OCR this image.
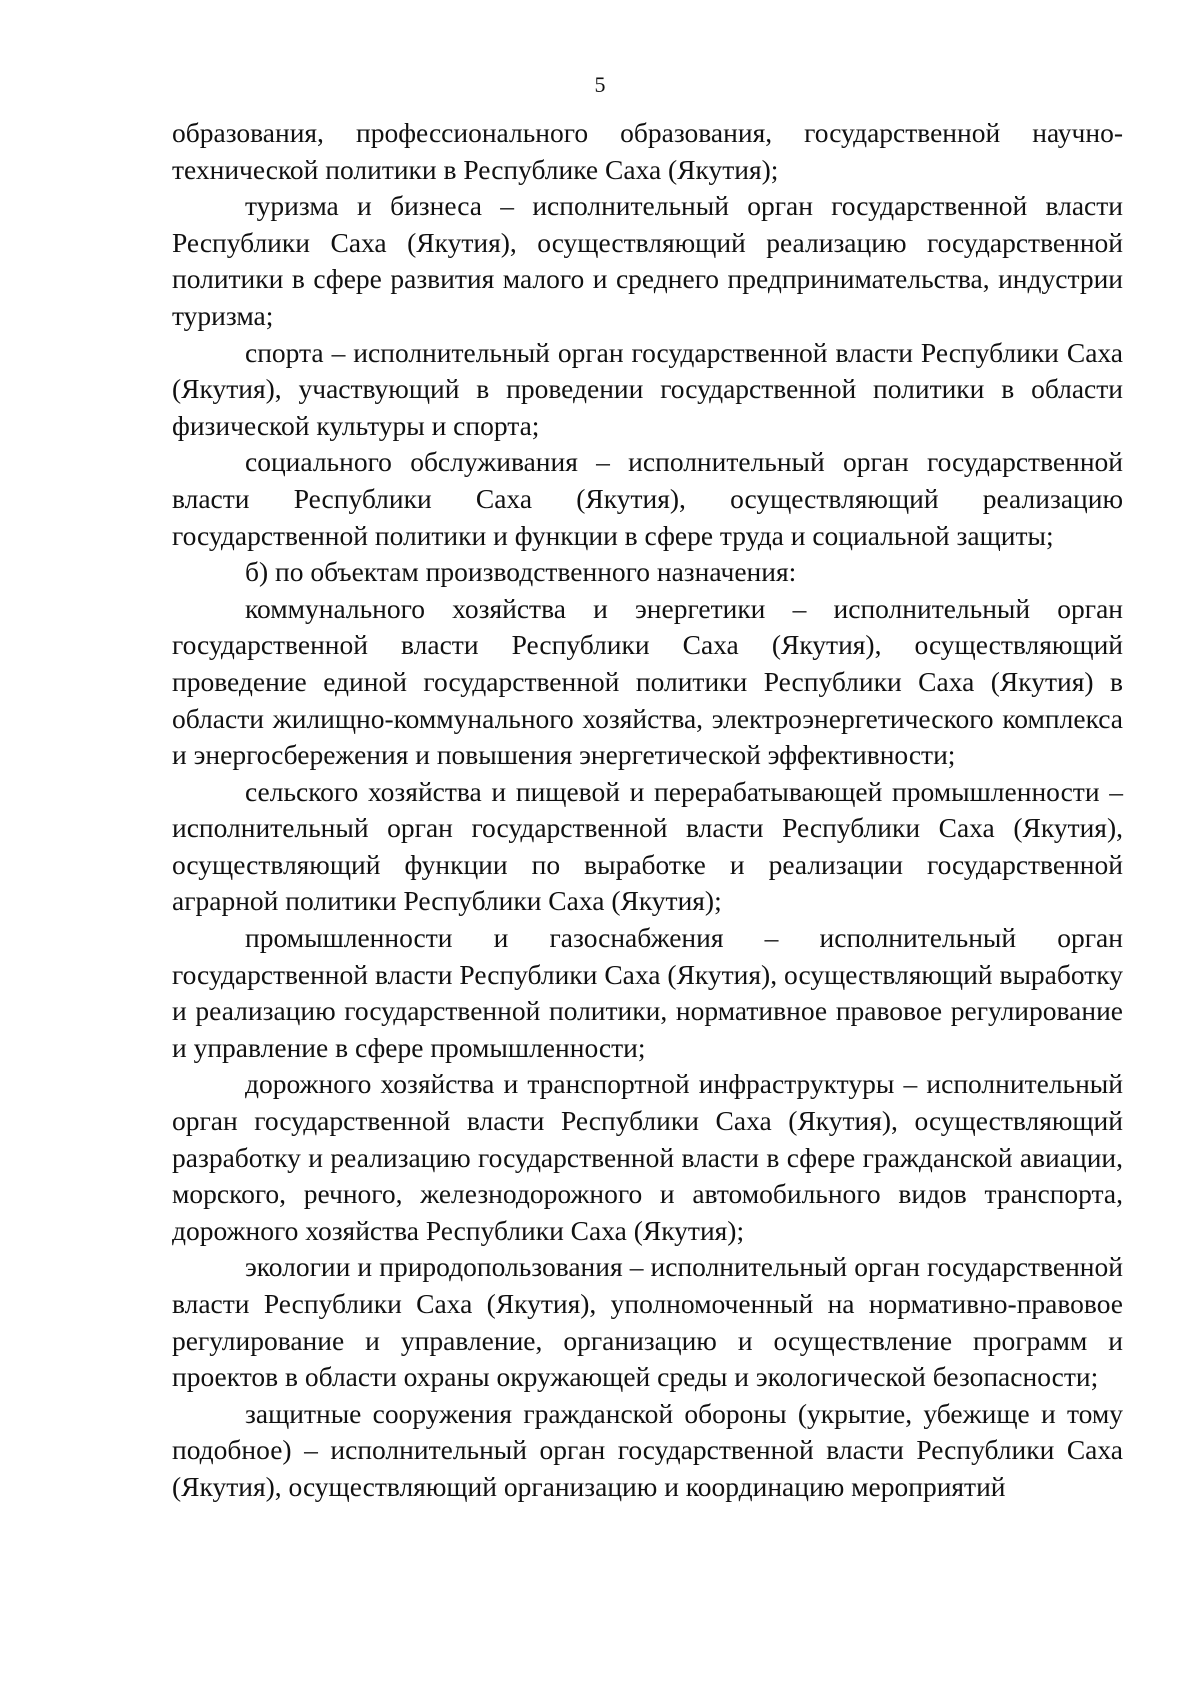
5

образования, профессионального образования, государственной научно-технической политики в Республике Саха (Якутия);

туризма и бизнеса – исполнительный орган государственной власти Республики Саха (Якутия), осуществляющий реализацию государственной политики в сфере развития малого и среднего предпринимательства, индустрии туризма;

спорта – исполнительный орган государственной власти Республики Саха (Якутия), участвующий в проведении государственной политики в области физической культуры и спорта;

социального обслуживания – исполнительный орган государственной власти Республики Саха (Якутия), осуществляющий реализацию государственной политики и функции в сфере труда и социальной защиты;

б) по объектам производственного назначения:

коммунального хозяйства и энергетики – исполнительный орган государственной власти Республики Саха (Якутия), осуществляющий проведение единой государственной политики Республики Саха (Якутия) в области жилищно-коммунального хозяйства, электроэнергетического комплекса и энергосбережения и повышения энергетической эффективности;

сельского хозяйства и пищевой и перерабатывающей промышленности – исполнительный орган государственной власти Республики Саха (Якутия), осуществляющий функции по выработке и реализации государственной аграрной политики Республики Саха (Якутия);

промышленности и газоснабжения – исполнительный орган государственной власти Республики Саха (Якутия), осуществляющий выработку и реализацию государственной политики, нормативное правовое регулирование и управление в сфере промышленности;

дорожного хозяйства и транспортной инфраструктуры – исполнительный орган государственной власти Республики Саха (Якутия), осуществляющий разработку и реализацию государственной власти в сфере гражданской авиации, морского, речного, железнодорожного и автомобильного видов транспорта, дорожного хозяйства Республики Саха (Якутия);

экологии и природопользования – исполнительный орган государственной власти Республики Саха (Якутия), уполномоченный на нормативно-правовое регулирование и управление, организацию и осуществление программ и проектов в области охраны окружающей среды и экологической безопасности;

защитные сооружения гражданской обороны (укрытие, убежище и тому подобное) – исполнительный орган государственной власти Республики Саха (Якутия), осуществляющий организацию и координацию мероприятий
